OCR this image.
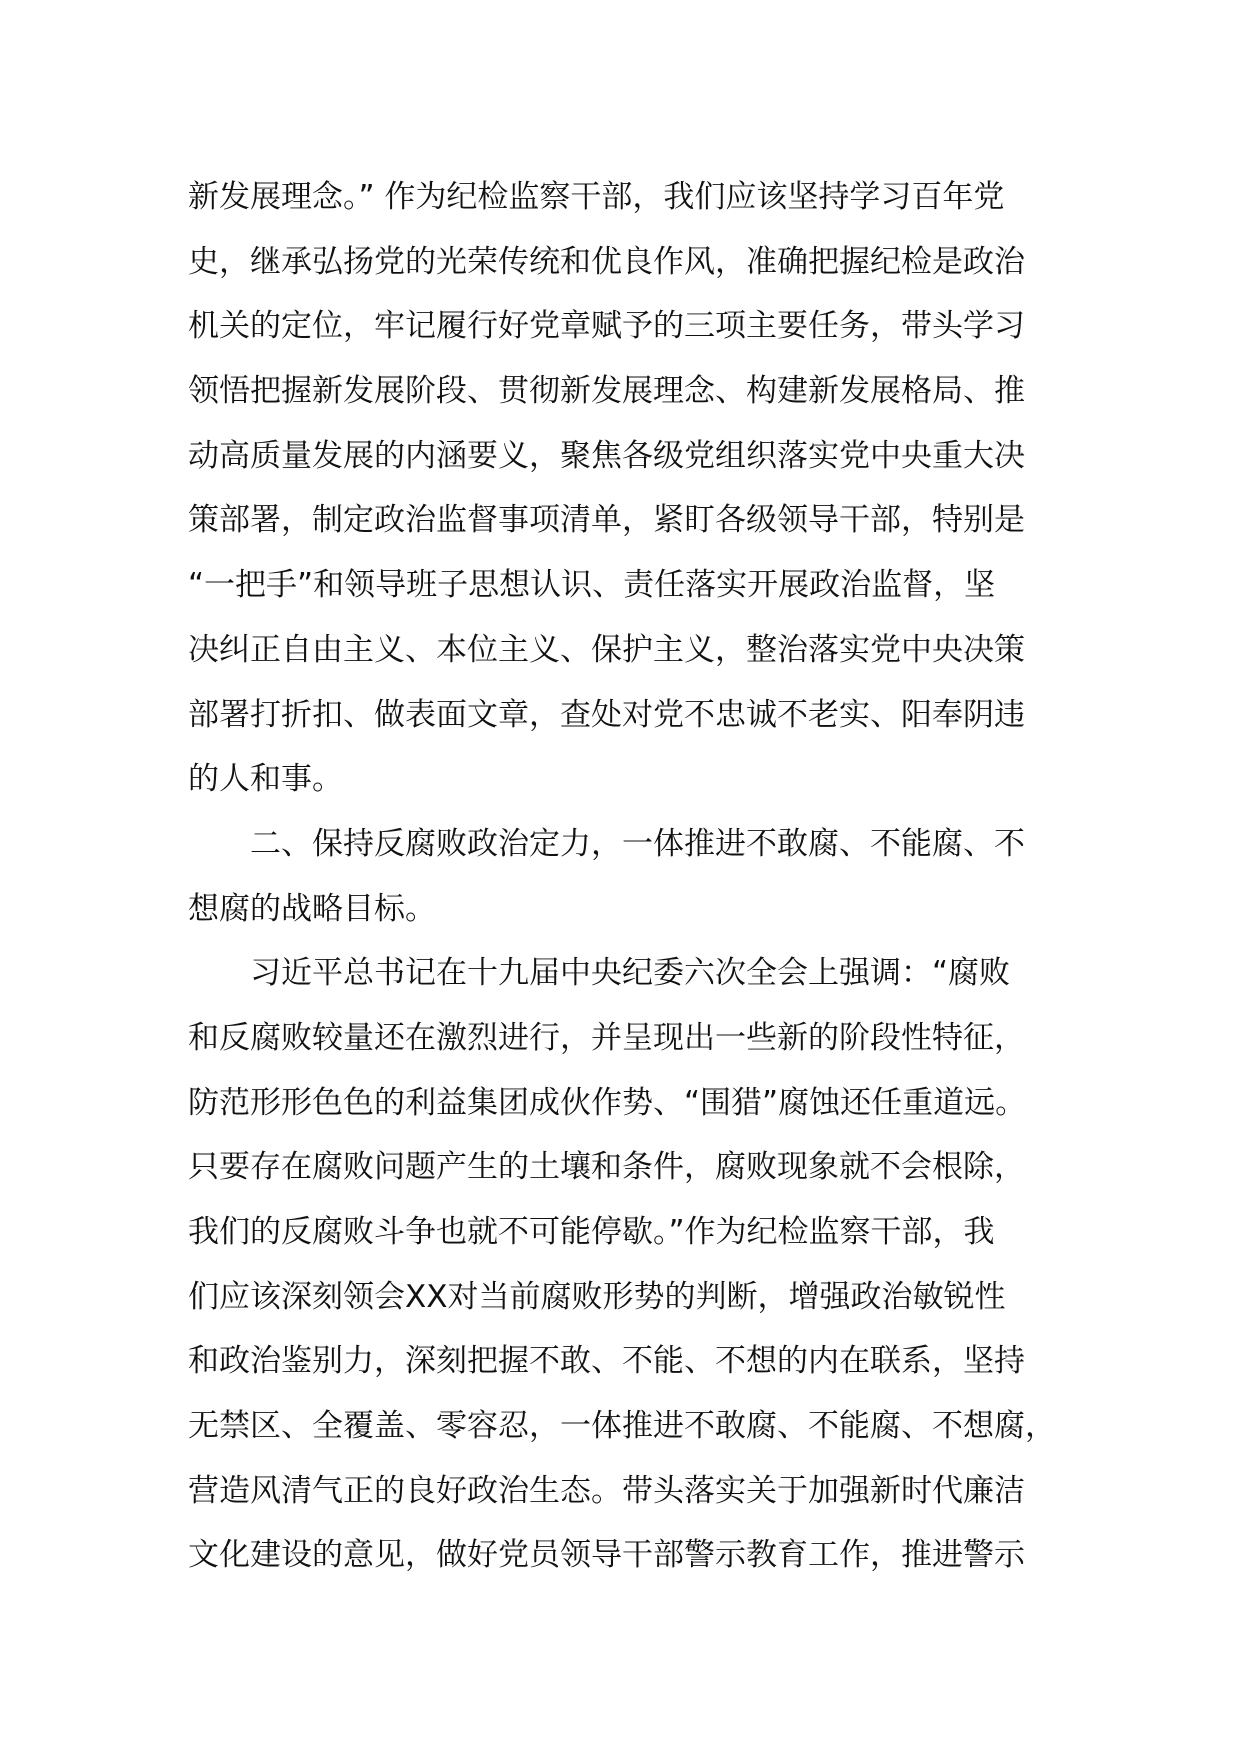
新发展理念。” 作为纪检监察干部，我们应该坚持学习百年党
史，继承弘扬党的光荣传统和优良作风，准确把握纪检是政治
机关的定位，牢记履行好党章赋予的三项主要任务，带头学习
领悟把握新发展阶段、贯彻新发展理念、构建新发展格局、推
动高质量发展的内涵要义，聚焦各级党组织落实党中央重大决
策部署，制定政治监督事项清单，紧盯各级领导干部，特别是
“一把手”和领导班子思想认识、责任落实开展政治监督，坚
决纠正自由主义、本位主义、保护主义，整治落实党中央决策
部署打折扣、做表面文章，查处对党不忠诚不老实、阳奉阴违
的人和事。
二、保持反腐败政治定力，一体推进不敢腐、不能腐、不
想腐的战略目标。
习近平总书记在十九届中央纪委六次全会上强调：“腐败
和反腐败较量还在激烈进行，并呈现出一些新的阶段性特征，
防范形形色色的利益集团成伙作势、“围猎”腐蚀还任重道远。
只要存在腐败问题产生的土壤和条件，腐败现象就不会根除，
我们的反腐败斗争也就不可能停歇。”作为纪检监察干部，我
们应该深刻领会XX对当前腐败形势的判断，增强政治敏锐性
和政治鉴别力，深刻把握不敢、不能、不想的内在联系，坚持
无禁区、全覆盖、零容忍，一体推进不敢腐、不能腐、不想腐，
营造风清气正的良好政治生态。带头落实关于加强新时代廉洁
文化建设的意见，做好党员领导干部警示教育工作，推进警示
